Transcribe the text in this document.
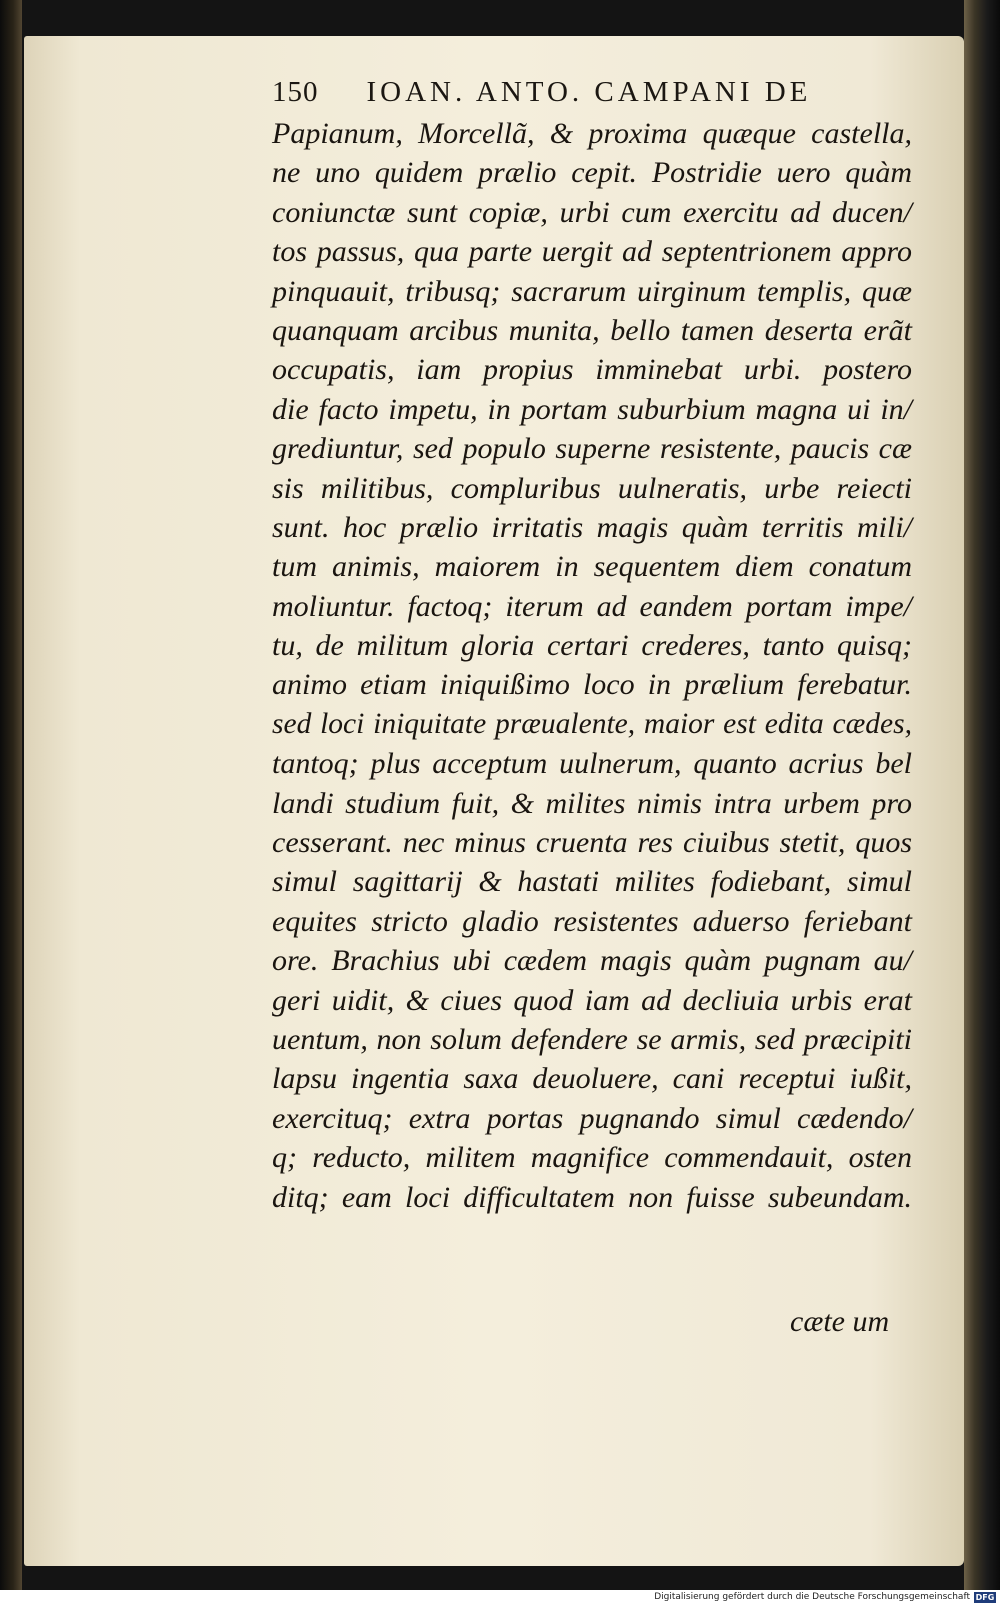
150 IOAN. ANTO. CAMPANI DE
Papianum, Morcellã, & proxima quæque castella,
ne uno quidem prælio cepit. Postridie uero quàm
coniunctæ sunt copiæ, urbi cum exercitu ad ducen/
tos passus, qua parte uergit ad septentrionem appro
pinquauit, tribusq; sacrarum uirginum templis, quæ
quanquam arcibus munita, bello tamen deserta erãt
occupatis, iam propius imminebat urbi. postero
die facto impetu, in portam suburbium magna ui in/
grediuntur, sed populo superne resistente, paucis cæ
sis militibus, compluribus uulneratis, urbe reiecti
sunt. hoc prælio irritatis magis quàm territis mili/
tum animis, maiorem in sequentem diem conatum
moliuntur. factoq; iterum ad eandem portam impe/
tu, de militum gloria certari crederes, tanto quisq;
animo etiam iniquißimo loco in prælium ferebatur.
sed loci iniquitate præualente, maior est edita cædes,
tantoq; plus acceptum uulnerum, quanto acrius bel
landi studium fuit, & milites nimis intra urbem pro
cesserant. nec minus cruenta res ciuibus stetit, quos
simul sagittarij & hastati milites fodiebant, simul
equites stricto gladio resistentes aduerso feriebant
ore. Brachius ubi cædem magis quàm pugnam au/
geri uidit, & ciues quod iam ad decliuia urbis erat
uentum, non solum defendere se armis, sed præcipiti
lapsu ingentia saxa deuoluere, cani receptui iußit,
exercituq; extra portas pugnando simul cædendo/
q; reducto, militem magnifice commendauit, osten
ditq; eam loci difficultatem non fuisse subeundam.
cæte um
Digitalisierung gefördert durch die Deutsche Forschungsgemeinschaft DFG
